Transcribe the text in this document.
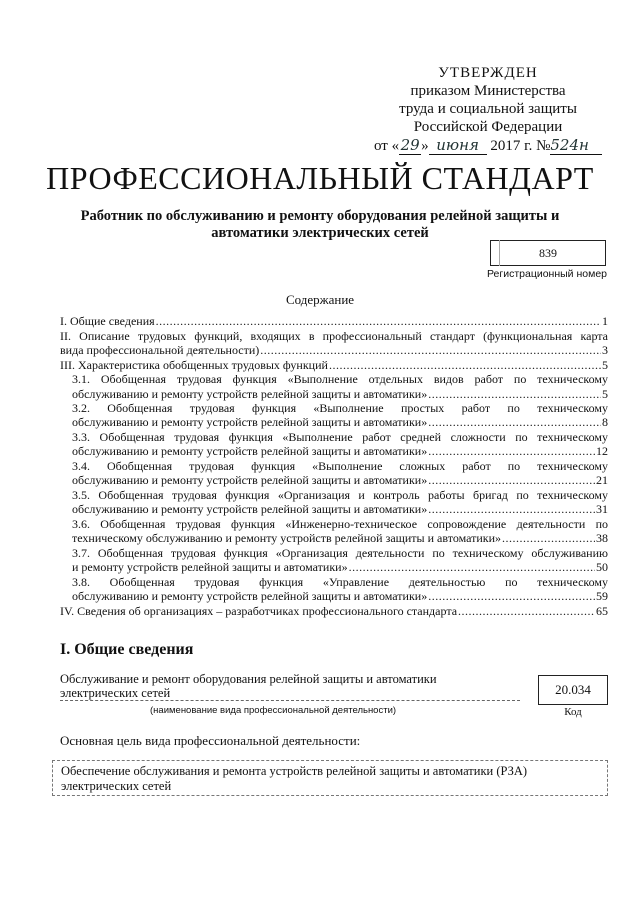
УТВЕРЖДЕН
приказом Министерства
труда и социальной защиты
Российской Федерации
от «29» июня 2017 г. №524н
ПРОФЕССИОНАЛЬНЫЙ СТАНДАРТ
Работник по обслуживанию и ремонту оборудования релейной защиты и автоматики электрических сетей
839
Регистрационный номер
Содержание
I. Общие сведения .....	1
II. Описание трудовых функций, входящих в профессиональный стандарт (функциональная карта
вида профессиональной деятельности) .....	3
III. Характеристика обобщенных трудовых функций .....	5
3.1. Обобщенная трудовая функция «Выполнение отдельных видов работ по техническому
обслуживанию и ремонту устройств релейной защиты и автоматики» .....	5
3.2. Обобщенная трудовая функция «Выполнение простых работ по техническому
обслуживанию и ремонту устройств релейной защиты и автоматики» .....	8
3.3. Обобщенная трудовая функция «Выполнение работ средней сложности по техническому
обслуживанию и ремонту устройств релейной защиты и автоматики» .....	12
3.4. Обобщенная трудовая функция «Выполнение сложных работ по техническому
обслуживанию и ремонту устройств релейной защиты и автоматики» .....	21
3.5. Обобщенная трудовая функция «Организация и контроль работы бригад по техническому
обслуживанию и ремонту устройств релейной защиты и автоматики» .....	31
3.6. Обобщенная трудовая функция «Инженерно-техническое сопровождение деятельности по
техническому обслуживанию и ремонту устройств релейной защиты и автоматики» .....	38
3.7. Обобщенная трудовая функция «Организация деятельности по техническому обслуживанию
и ремонту устройств релейной защиты и автоматики» .....	50
3.8. Обобщенная трудовая функция «Управление деятельностью по техническому
обслуживанию и ремонту устройств релейной защиты и автоматики» .....	59
IV. Сведения об организациях – разработчиках профессионального стандарта .....	65
I. Общие сведения
Обслуживание и ремонт оборудования релейной защиты и автоматики
электрических сетей
(наименование вида профессиональной деятельности)
20.034
Код
Основная цель вида профессиональной деятельности:
Обеспечение обслуживания и ремонта устройств релейной защиты и автоматики (РЗА)
электрических сетей
